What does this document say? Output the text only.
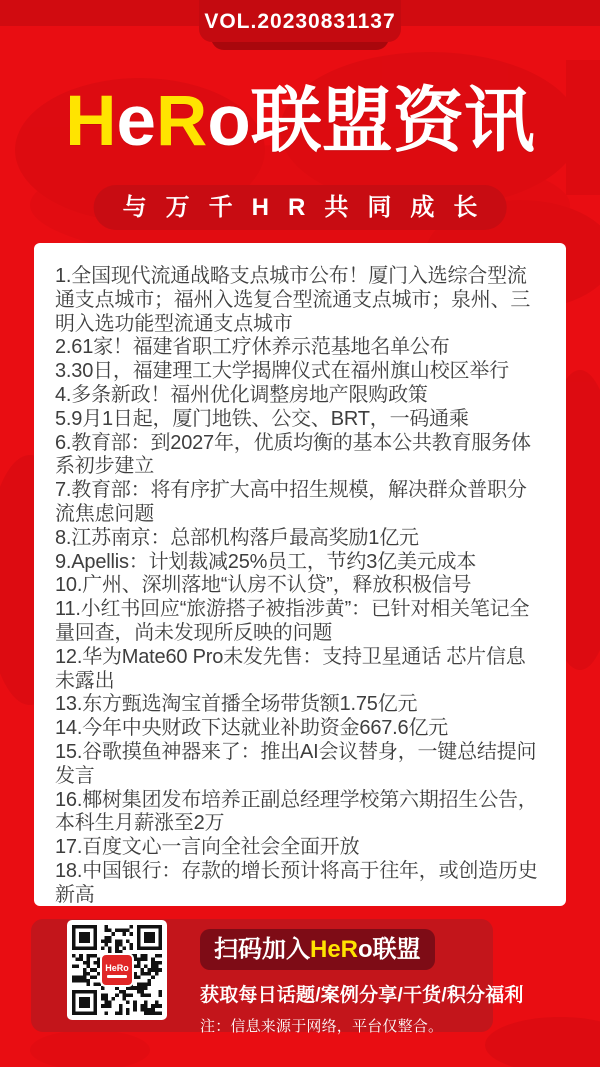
VOL.20230831137
HeRo联盟资讯
与万千HR共同成长
1.全国现代流通战略支点城市公布！厦门入选综合型流通支点城市；福州入选复合型流通支点城市；泉州、三明入选功能型流通支点城市
2.61家！福建省职工疗休养示范基地名单公布
3.30日，福建理工大学揭牌仪式在福州旗山校区举行
4.多条新政！福州优化调整房地产限购政策
5.9月1日起，厦门地铁、公交、BRT，一码通乘
6.教育部：到2027年，优质均衡的基本公共教育服务体系初步建立
7.教育部：将有序扩大高中招生规模，解决群众普职分流焦虑问题
8.江苏南京：总部机构落戶最高奖励1亿元
9.Apellis：计划裁减25%员工，节约3亿美元成本
10.广州、深圳落地“认房不认贷”，释放积极信号
11.小红书回应“旅游搭子被指涉黄”：已针对相关笔记全量回查，尚未发现所反映的问题
12.华为Mate60 Pro未发先售：支持卫星通话 芯片信息未露出
13.东方甄选淘宝首播全场带货额1.75亿元
14.今年中央财政下达就业补助资金667.6亿元
15.谷歌摸鱼神器来了：推出AI会议替身，一键总结提问发言
16.椰树集团发布培养正副总经理学校第六期招生公告，本科生月薪涨至2万
17.百度文心一言向全社会全面开放
18.中国银行：存款的增长预计将高于往年，或创造历史新高
HeRo
扫码加入HeRo联盟
获取每日话题/案例分享/干货/积分福利
注：信息来源于网络，平台仅整合。
